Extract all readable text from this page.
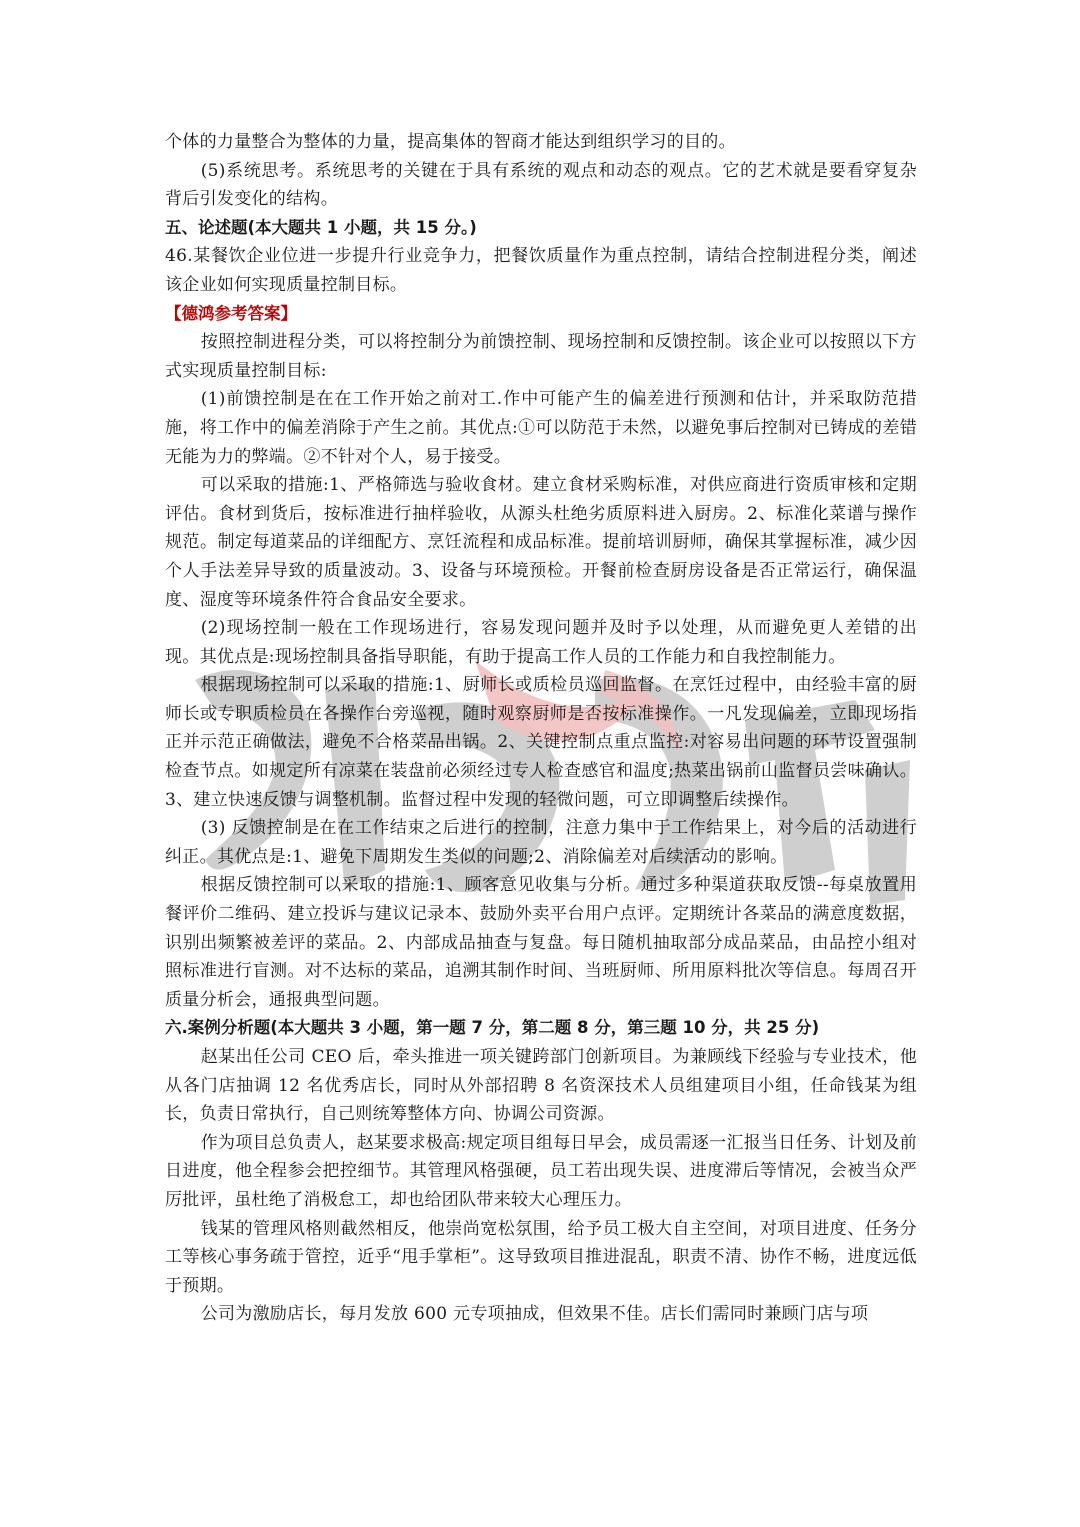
个体的力量整合为整体的力量，提高集体的智商才能达到组织学习的目的。

(5)系统思考。系统思考的关键在于具有系统的观点和动态的观点。它的艺术就是要看穿复杂背后引发变化的结构。

五、论述题(本大题共 1 小题，共 15 分。)

46.某餐饮企业位进一步提升行业竞争力，把餐饮质量作为重点控制，请结合控制进程分类，阐述该企业如何实现质量控制目标。

【德鸿参考答案】

按照控制进程分类，可以将控制分为前馈控制、现场控制和反馈控制。该企业可以按照以下方式实现质量控制目标:

(1)前馈控制是在在工作开始之前对工.作中可能产生的偏差进行预测和估计，并采取防范措施，将工作中的偏差消除于产生之前。其优点:①可以防范于未然，以避免事后控制对已铸成的差错无能为力的弊端。②不针对个人，易于接受。

可以采取的措施:1、严格筛选与验收食材。建立食材采购标准，对供应商进行资质审核和定期评估。食材到货后，按标准进行抽样验收，从源头杜绝劣质原料进入厨房。2、标准化菜谱与操作规范。制定每道菜品的详细配方、烹饪流程和成品标准。提前培训厨师，确保其掌握标准，减少因个人手法差异导致的质量波动。3、设备与环境预检。开餐前检查厨房设备是否正常运行，确保温度、湿度等环境条件符合食品安全要求。

(2)现场控制一般在工作现场进行，容易发现问题并及时予以处理，从而避免更人差错的出现。其优点是:现场控制具备指导职能，有助于提高工作人员的工作能力和自我控制能力。

根据现场控制可以采取的措施:1、厨师长或质检员巡回监督。在烹饪过程中，由经验丰富的厨师长或专职质检员在各操作台旁巡视，随时观察厨师是否按标准操作。一凡发现偏差，立即现场指正并示范正确做法，避免不合格菜品出锅。2、关键控制点重点监控:对容易出问题的环节设置强制检查节点。如规定所有凉菜在装盘前必须经过专人检查感官和温度;热菜出锅前山监督员尝味确认。3、建立快速反馈与调整机制。监督过程中发现的轻微问题，可立即调整后续操作。

(3) 反馈控制是在在工作结束之后进行的控制，注意力集中于工作结果上，对今后的活动进行纠正。其优点是:1、避免下周期发生类似的问题;2、消除偏差对后续活动的影响。

根据反馈控制可以采取的措施:1、顾客意见收集与分析。通过多种渠道获取反馈--每桌放置用餐评价二维码、建立投诉与建议记录本、鼓励外卖平台用户点评。定期统计各菜品的满意度数据，识别出频繁被差评的菜品。2、内部成品抽查与复盘。每日随机抽取部分成品菜品，由品控小组对照标准进行盲测。对不达标的菜品，追溯其制作时间、当班厨师、所用原料批次等信息。每周召开质量分析会，通报典型问题。

六.案例分析题(本大题共 3 小题，第一题 7 分，第二题 8 分，第三题 10 分，共 25 分)

赵某出任公司 CEO 后，牵头推进一项关键跨部门创新项目。为兼顾线下经验与专业技术，他从各门店抽调 12 名优秀店长，同时从外部招聘 8 名资深技术人员组建项目小组，任命钱某为组长，负责日常执行，自己则统筹整体方向、协调公司资源。

作为项目总负责人，赵某要求极高:规定项目组每日早会，成员需逐一汇报当日任务、计划及前日进度，他全程参会把控细节。其管理风格强硬，员工若出现失误、进度滞后等情况，会被当众严厉批评，虽杜绝了消极怠工，却也给团队带来较大心理压力。

钱某的管理风格则截然相反，他崇尚宽松氛围，给予员工极大自主空间，对项目进度、任务分工等核心事务疏于管控，近乎“甩手掌柜”。这导致项目推进混乱，职责不清、协作不畅，进度远低于预期。

公司为激励店长，每月发放 600 元专项抽成，但效果不佳。店长们需同时兼顾门店与项
